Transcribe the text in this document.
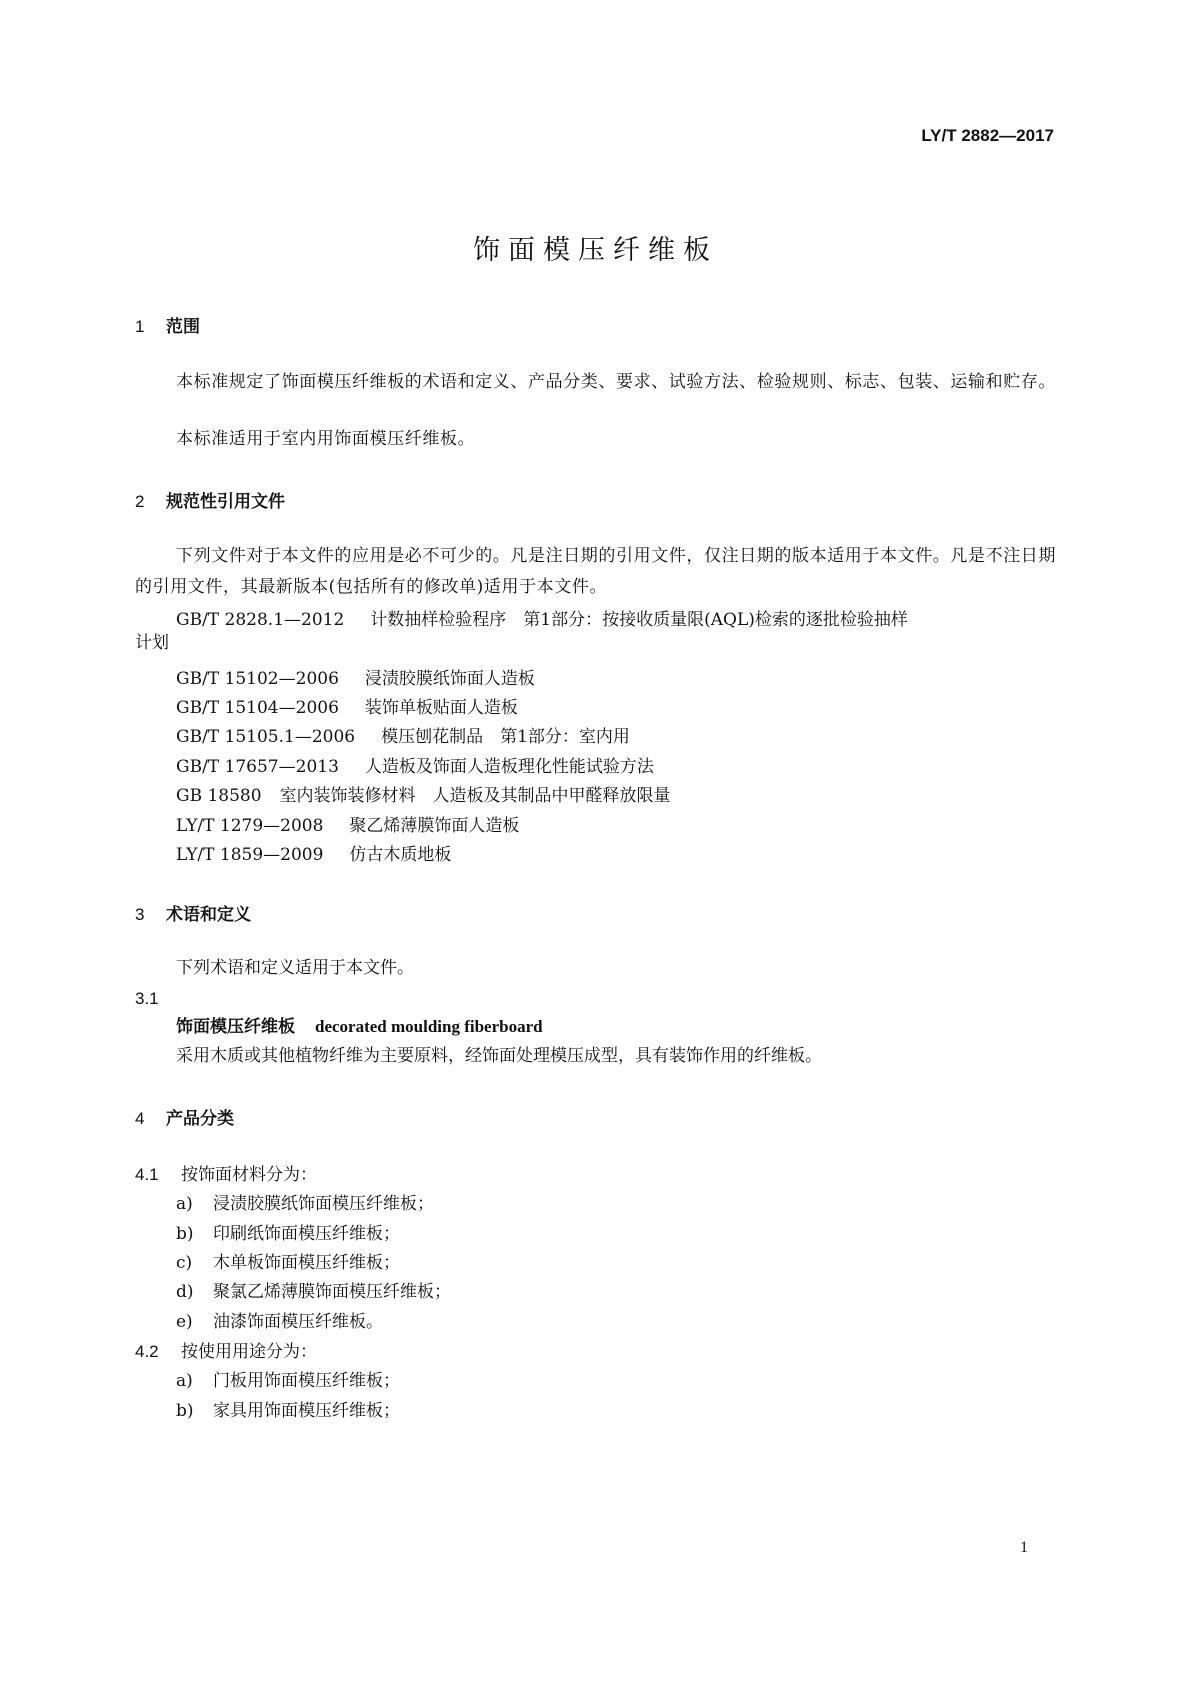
LY/T 2882—2017
饰面模压纤维板
1 范围
本标准规定了饰面模压纤维板的术语和定义、产品分类、要求、试验方法、检验规则、标志、包装、运输和贮存。
本标准适用于室内用饰面模压纤维板。
2 规范性引用文件
下列文件对于本文件的应用是必不可少的。凡是注日期的引用文件，仅注日期的版本适用于本文件。凡是不注日期的引用文件，其最新版本(包括所有的修改单)适用于本文件。
GB/T 2828.1—2012 计数抽样检验程序　第1部分：按接收质量限(AQL)检索的逐批检验抽样
计划
GB/T 15102—2006 浸渍胶膜纸饰面人造板
GB/T 15104—2006 装饰单板贴面人造板
GB/T 15105.1—2006 模压刨花制品　第1部分：室内用
GB/T 17657—2013 人造板及饰面人造板理化性能试验方法
GB 18580 室内装饰装修材料　人造板及其制品中甲醛释放限量
LY/T 1279—2008 聚乙烯薄膜饰面人造板
LY/T 1859—2009 仿古木质地板
3 术语和定义
下列术语和定义适用于本文件。
3.1
饰面模压纤维板 decorated moulding fiberboard
采用木质或其他植物纤维为主要原料，经饰面处理模压成型，具有装饰作用的纤维板。
4 产品分类
4.1 按饰面材料分为：
a) 浸渍胶膜纸饰面模压纤维板；
b) 印刷纸饰面模压纤维板；
c) 木单板饰面模压纤维板；
d) 聚氯乙烯薄膜饰面模压纤维板；
e) 油漆饰面模压纤维板。
4.2 按使用用途分为：
a) 门板用饰面模压纤维板；
b) 家具用饰面模压纤维板；
1
